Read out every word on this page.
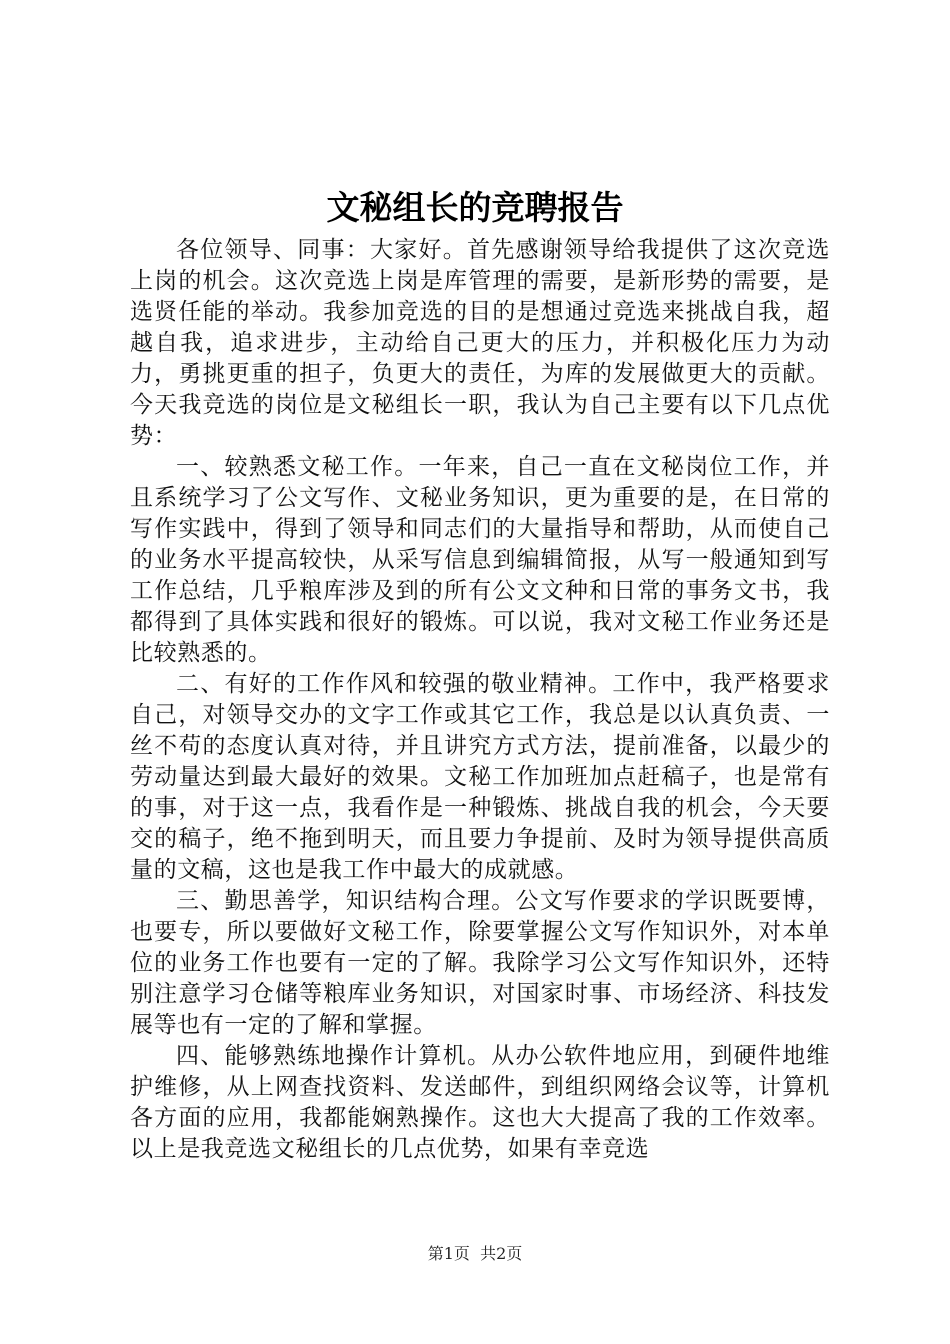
文秘组长的竞聘报告

各位领导、同事：大家好。首先感谢领导给我提供了这次竞选上岗的机会。这次竞选上岗是库管理的需要，是新形势的需要，是选贤任能的举动。我参加竞选的目的是想通过竞选来挑战自我，超越自我，追求进步，主动给自己更大的压力，并积极化压力为动力，勇挑更重的担子，负更大的责任，为库的发展做更大的贡献。今天我竞选的岗位是文秘组长一职，我认为自己主要有以下几点优势：

一、较熟悉文秘工作。一年来，自己一直在文秘岗位工作，并且系统学习了公文写作、文秘业务知识，更为重要的是，在日常的写作实践中，得到了领导和同志们的大量指导和帮助，从而使自己的业务水平提高较快，从采写信息到编辑简报，从写一般通知到写工作总结，几乎粮库涉及到的所有公文文种和日常的事务文书，我都得到了具体实践和很好的锻炼。可以说，我对文秘工作业务还是比较熟悉的。

二、有好的工作作风和较强的敬业精神。工作中，我严格要求自己，对领导交办的文字工作或其它工作，我总是以认真负责、一丝不苟的态度认真对待，并且讲究方式方法，提前准备，以最少的劳动量达到最大最好的效果。文秘工作加班加点赶稿子，也是常有的事，对于这一点，我看作是一种锻炼、挑战自我的机会，今天要交的稿子，绝不拖到明天，而且要力争提前、及时为领导提供高质量的文稿，这也是我工作中最大的成就感。

三、勤思善学，知识结构合理。公文写作要求的学识既要博，也要专，所以要做好文秘工作，除要掌握公文写作知识外，对本单位的业务工作也要有一定的了解。我除学习公文写作知识外，还特别注意学习仓储等粮库业务知识，对国家时事、市场经济、科技发展等也有一定的了解和掌握。

四、能够熟练地操作计算机。从办公软件地应用，到硬件地维护维修，从上网查找资料、发送邮件，到组织网络会议等，计算机各方面的应用，我都能娴熟操作。这也大大提高了我的工作效率。以上是我竞选文秘组长的几点优势，如果有幸竞选

第1页 共2页
